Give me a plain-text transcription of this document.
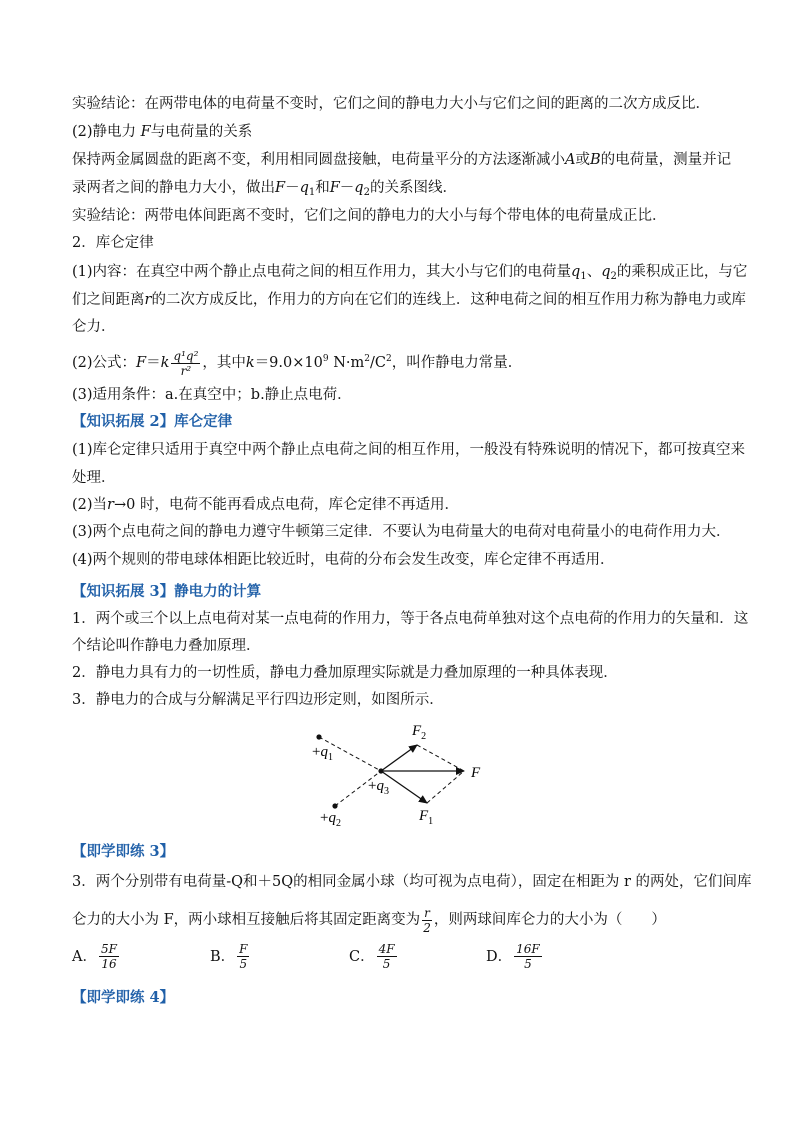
实验结论：在两带电体的电荷量不变时，它们之间的静电力大小与它们之间的距离的二次方成反比．
(2)静电力 F与电荷量的关系
保持两金属圆盘的距离不变，利用相同圆盘接触，电荷量平分的方法逐渐减小A或B的电荷量，测量并记
录两者之间的静电力大小，做出$F-q_1$和$F-q_2$的关系图线．
实验结论：两带电体间距离不变时，它们之间的静电力的大小与每个带电体的电荷量成正比．
2．库仑定律
(1)内容：在真空中两个静止点电荷之间的相互作用力，其大小与它们的电荷量$q_1$、$q_2$的乘积成正比，与它
们之间距离r的二次方成反比，作用力的方向在它们的连线上．这种电荷之间的相互作用力称为静电力或库
仑力．
(2)公式：$F=k \frac{\text{q¹q²}}{\text{r²}}$ ，其中$k=9.0\times 10^9$ $N\cdot m^2/C^2$，叫作静电力常量．
(3)适用条件：a.在真空中；b.静止点电荷．
【知识拓展 2】库仑定律
(1)库仑定律只适用于真空中两个静止点电荷之间的相互作用，一般没有特殊说明的情况下，都可按真空来
处理．
(2)当r→0 时，电荷不能再看成点电荷，库仑定律不再适用．
(3)两个点电荷之间的静电力遵守牛顿第三定律．不要认为电荷量大的电荷对电荷量小的电荷作用力大．
(4)两个规则的带电球体相距比较近时，电荷的分布会发生改变，库仑定律不再适用．
【知识拓展 3】静电力的计算
1．两个或三个以上点电荷对某一点电荷的作用力，等于各点电荷单独对这个点电荷的作用力的矢量和．这
个结论叫作静电力叠加原理．
2．静电力具有力的一切性质，静电力叠加原理实际就是力叠加原理的一种具体表现．
3．静电力的合成与分解满足平行四边形定则，如图所示．
$+q_1$
$+q_2$
$+q_3$
$F_2$
F
$F_1$
【即学即练 3】
3．两个分别带有电荷量-Q和＋5Q的相同金属小球（均可视为点电荷），固定在相距为 r 的两处，它们间库
仑力的大小为 F，两小球相互接触后将其固定距离变为 $\frac{r}{2}$ ，则两球间库仑力的大小为（　　）
A． $\frac{5F}{16}$	B． $\frac{F}{5}$	C． $\frac{4F}{5}$	D． $\frac{16F}{5}$
【即学即练 4】
